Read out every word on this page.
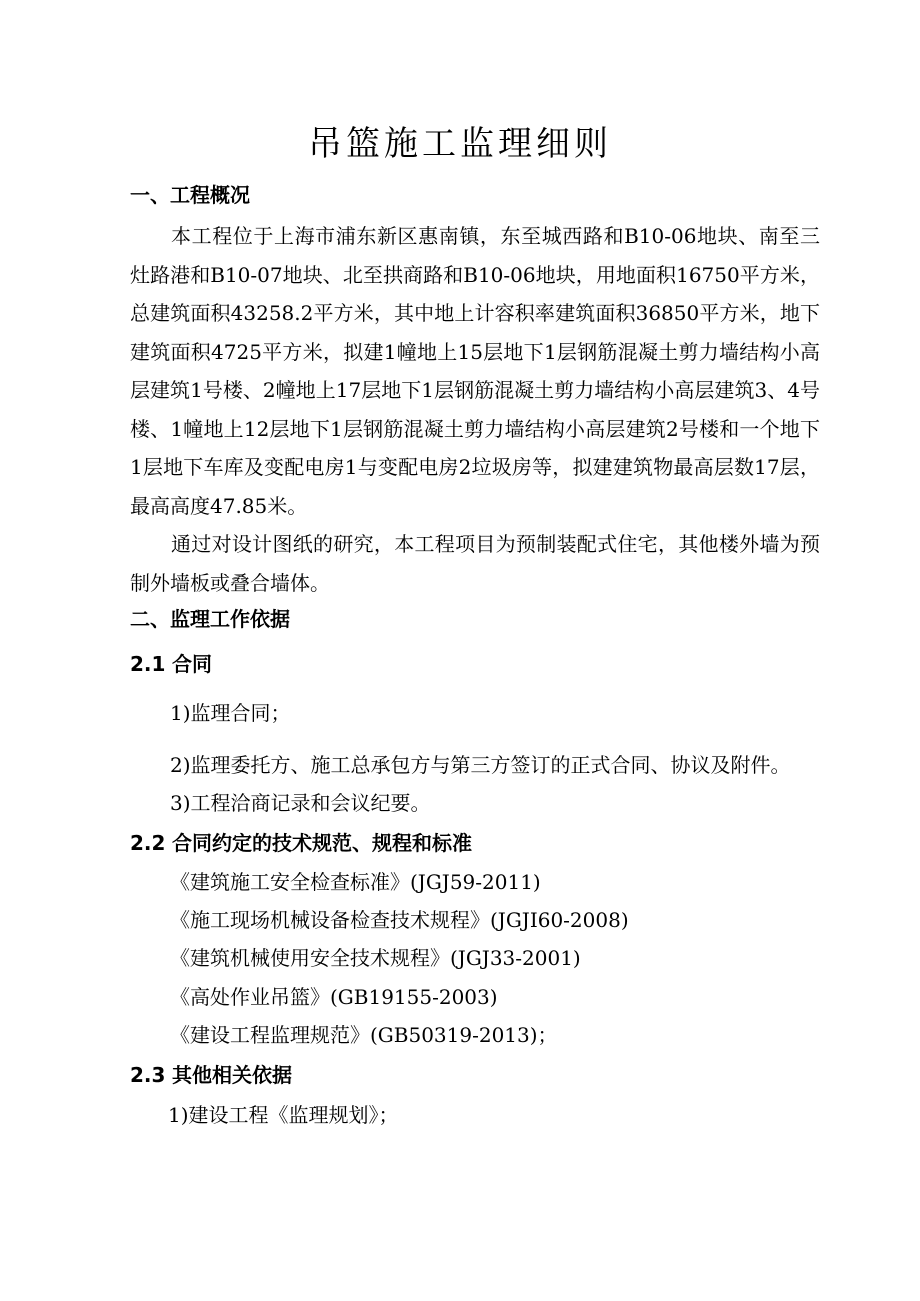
吊篮施工监理细则
一、工程概况
本工程位于上海市浦东新区惠南镇，东至城西路和B10-06地块、南至三灶路港和B10-07地块、北至拱商路和B10-06地块，用地面积16750平方米，总建筑面积43258.2平方米，其中地上计容积率建筑面积36850平方米，地下建筑面积4725平方米，拟建1幢地上15层地下1层钢筋混凝土剪力墙结构小高层建筑1号楼、2幢地上17层地下1层钢筋混凝土剪力墙结构小高层建筑3、4号楼、1幢地上12层地下1层钢筋混凝土剪力墙结构小高层建筑2号楼和一个地下1层地下车库及变配电房1与变配电房2垃圾房等，拟建建筑物最高层数17层，最高高度47.85米。
通过对设计图纸的研究，本工程项目为预制装配式住宅，其他楼外墙为预制外墙板或叠合墙体。
二、监理工作依据
2.1 合同
1)监理合同；
2)监理委托方、施工总承包方与第三方签订的正式合同、协议及附件。
3)工程洽商记录和会议纪要。
2.2 合同约定的技术规范、规程和标准
《建筑施工安全检查标准》(JGJ59-2011)
《施工现场机械设备检查技术规程》(JGJI60-2008)
《建筑机械使用安全技术规程》(JGJ33-2001)
《高处作业吊篮》(GB19155-2003)
《建设工程监理规范》(GB50319-2013)；
2.3 其他相关依据
1)建设工程《监理规划》；
